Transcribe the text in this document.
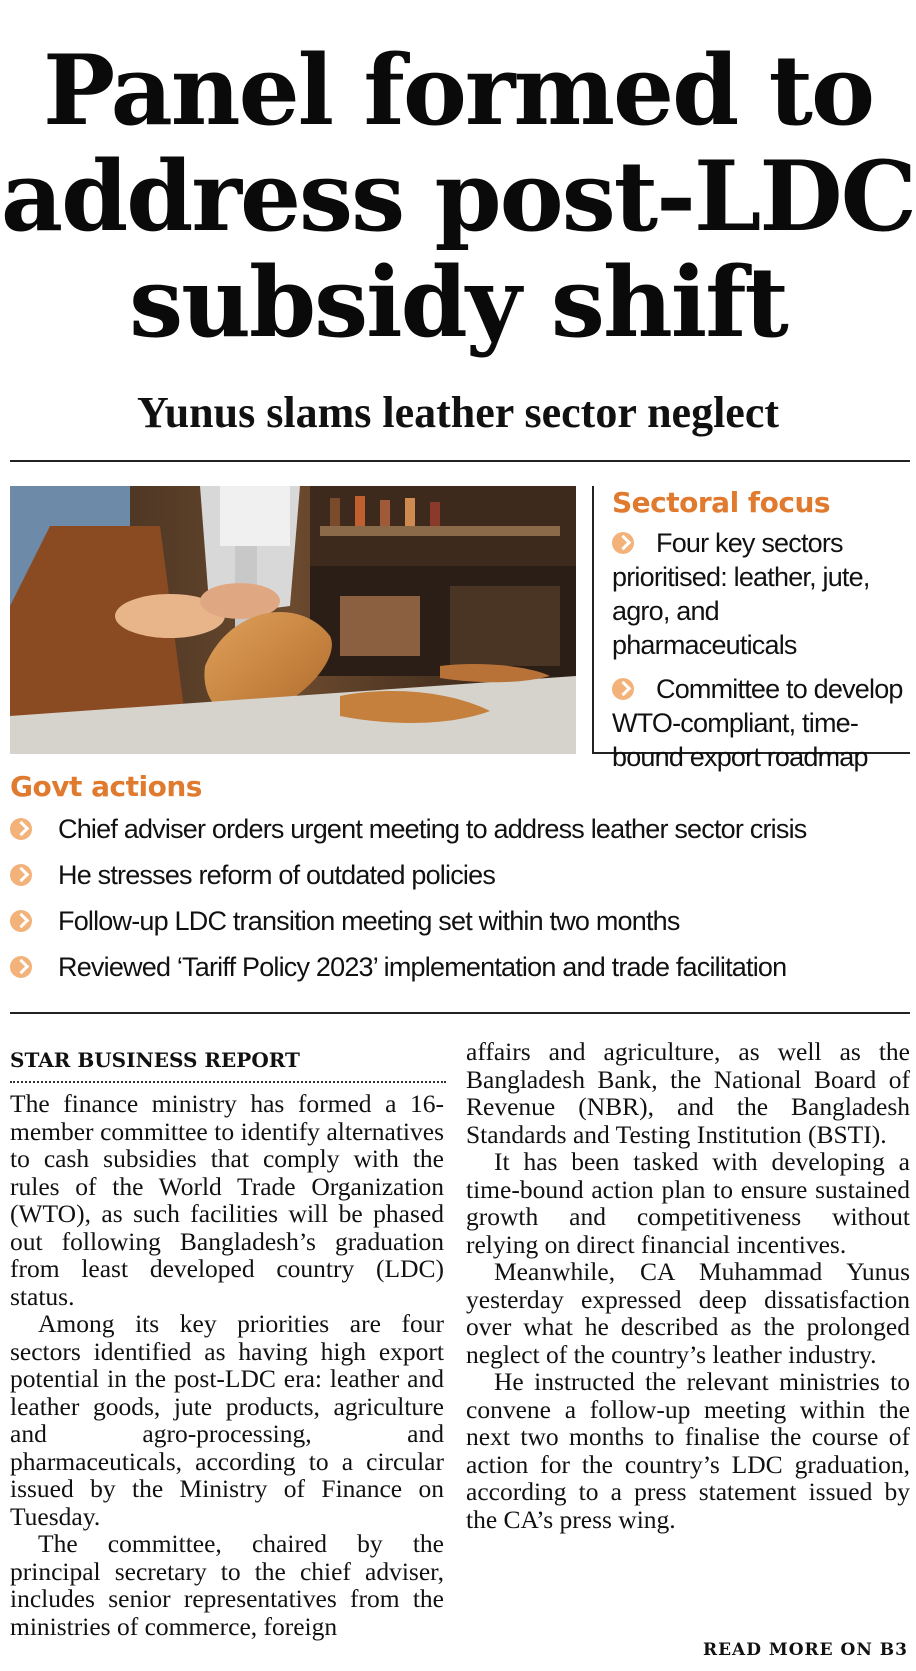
Panel formed to
address post-LDC
subsidy shift
Yunus slams leather sector neglect
Sectoral focus
Four key sectors prioritised: leather, jute, agro, and pharmaceuticals
Committee to develop WTO-compliant, time-bound export roadmap
Govt actions
Chief adviser orders urgent meeting to address leather sector crisis
He stresses reform of outdated policies
Follow-up LDC transition meeting set within two months
Reviewed ‘Tariff Policy 2023’ implementation and trade facilitation
STAR BUSINESS REPORT

The finance ministry has formed a 16-member committee to identify alternatives to cash subsidies that comply with the rules of the World Trade Organization (WTO), as such facilities will be phased out following Bangladesh’s graduation from least developed country (LDC) status.

Among its key priorities are four sectors identified as having high export potential in the post-LDC era: leather and leather goods, jute products, agriculture and agro-processing, and pharmaceuticals, according to a circular issued by the Ministry of Finance on Tuesday.

The committee, chaired by the principal secretary to the chief adviser, includes senior representatives from the ministries of commerce, foreign

affairs and agriculture, as well as the Bangladesh Bank, the National Board of Revenue (NBR), and the Bangladesh Standards and Testing Institution (BSTI).

It has been tasked with developing a time-bound action plan to ensure sustained growth and competitiveness without relying on direct financial incentives.

Meanwhile, CA Muhammad Yunus yesterday expressed deep dissatisfaction over what he described as the prolonged neglect of the country’s leather industry.

He instructed the relevant ministries to convene a follow-up meeting within the next two months to finalise the course of action for the country’s LDC graduation, according to a press statement issued by the CA’s press wing.

READ MORE ON B3
